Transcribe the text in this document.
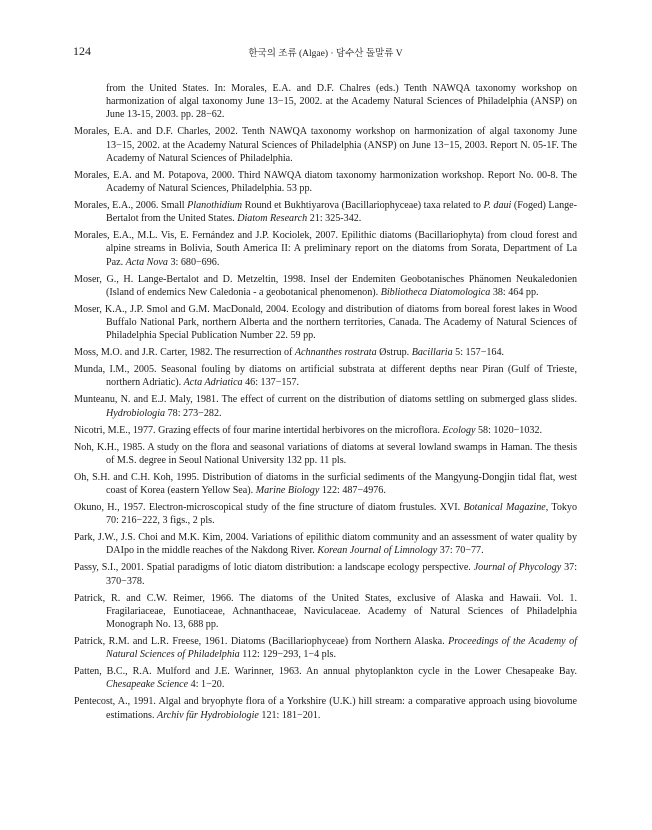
124	한국의 조류 (Algae) · 담수산 돌말류 V

from the United States. In: Morales, E.A. and D.F. Chalres (eds.) Tenth NAWQA taxonomy workshop on harmonization of algal taxonomy June 13−15, 2002. at the Academy Natural Sciences of Philadelphia (ANSP) on June 13-15, 2003. pp. 28−62.

Morales, E.A. and D.F. Charles, 2002. Tenth NAWQA taxonomy workshop on harmonization of algal taxonomy June 13−15, 2002. at the Academy Natural Sciences of Philadelphia (ANSP) on June 13−15, 2003. Report N. 05-1F. The Academy of Natural Sciences of Philadelphia.

Morales, E.A. and M. Potapova, 2000. Third NAWQA diatom taxonomy harmonization workshop. Report No. 00-8. The Academy of Natural Sciences, Philadelphia. 53 pp.

Morales, E.A., 2006. Small Planothidium Round et Bukhtiyarova (Bacillariophyceae) taxa related to P. daui (Foged) Lange-Bertalot from the United States. Diatom Research 21: 325-342.

Morales, E.A., M.L. Vis, E. Fernández and J.P. Kociolek, 2007. Epilithic diatoms (Bacillariophyta) from cloud forest and alpine streams in Bolivia, South America II: A preliminary report on the diatoms from Sorata, Department of La Paz. Acta Nova 3: 680−696.

Moser, G., H. Lange-Bertalot and D. Metzeltin, 1998. Insel der Endemiten Geobotanisches Phänomen Neukaledonien (Island of endemics New Caledonia - a geobotanical phenomenon). Bibliotheca Diatomologica 38: 464 pp.

Moser, K.A., J.P. Smol and G.M. MacDonald, 2004. Ecology and distribution of diatoms from boreal forest lakes in Wood Buffalo National Park, northern Alberta and the northern territories, Canada. The Academy of Natural Sciences of Philadelphia Special Publication Number 22. 59 pp.

Moss, M.O. and J.R. Carter, 1982. The resurrection of Achnanthes rostrata Østrup. Bacillaria 5: 157−164.

Munda, I.M., 2005. Seasonal fouling by diatoms on artificial substrata at different depths near Piran (Gulf of Trieste, northern Adriatic). Acta Adriatica 46: 137−157.

Munteanu, N. and E.J. Maly, 1981. The effect of current on the distribution of diatoms settling on submerged glass slides. Hydrobiologia 78: 273−282.

Nicotri, M.E., 1977. Grazing effects of four marine intertidal herbivores on the microflora. Ecology 58: 1020−1032.

Noh, K.H., 1985. A study on the flora and seasonal variations of diatoms at several lowland swamps in Haman. The thesis of M.S. degree in Seoul National University 132 pp. 11 pls.

Oh, S.H. and C.H. Koh, 1995. Distribution of diatoms in the surficial sediments of the Mangyung-Dongjin tidal flat, west coast of Korea (eastern Yellow Sea). Marine Biology 122: 487−4976.

Okuno, H., 1957. Electron-microscopical study of the fine structure of diatom frustules. XVI. Botanical Magazine, Tokyo 70: 216−222, 3 figs., 2 pls.

Park, J.W., J.S. Choi and M.K. Kim, 2004. Variations of epilithic diatom community and an assessment of water quality by DAIpo in the middle reaches of the Nakdong River. Korean Journal of Limnology 37: 70−77.

Passy, S.I., 2001. Spatial paradigms of lotic diatom distribution: a landscape ecology perspective. Journal of Phycology 37: 370−378.

Patrick, R. and C.W. Reimer, 1966. The diatoms of the United States, exclusive of Alaska and Hawaii. Vol. 1. Fragilariaceae, Eunotiaceae, Achnanthaceae, Naviculaceae. Academy of Natural Sciences of Philadelphia Monograph No. 13, 688 pp.

Patrick, R.M. and L.R. Freese, 1961. Diatoms (Bacillariophyceae) from Northern Alaska. Proceedings of the Academy of Natural Sciences of Philadelphia 112: 129−293, 1−4 pls.

Patten, B.C., R.A. Mulford and J.E. Warinner, 1963. An annual phytoplankton cycle in the Lower Chesapeake Bay. Chesapeake Science 4: 1−20.

Pentecost, A., 1991. Algal and bryophyte flora of a Yorkshire (U.K.) hill stream: a comparative approach using biovolume estimations. Archiv für Hydrobiologie 121: 181−201.
